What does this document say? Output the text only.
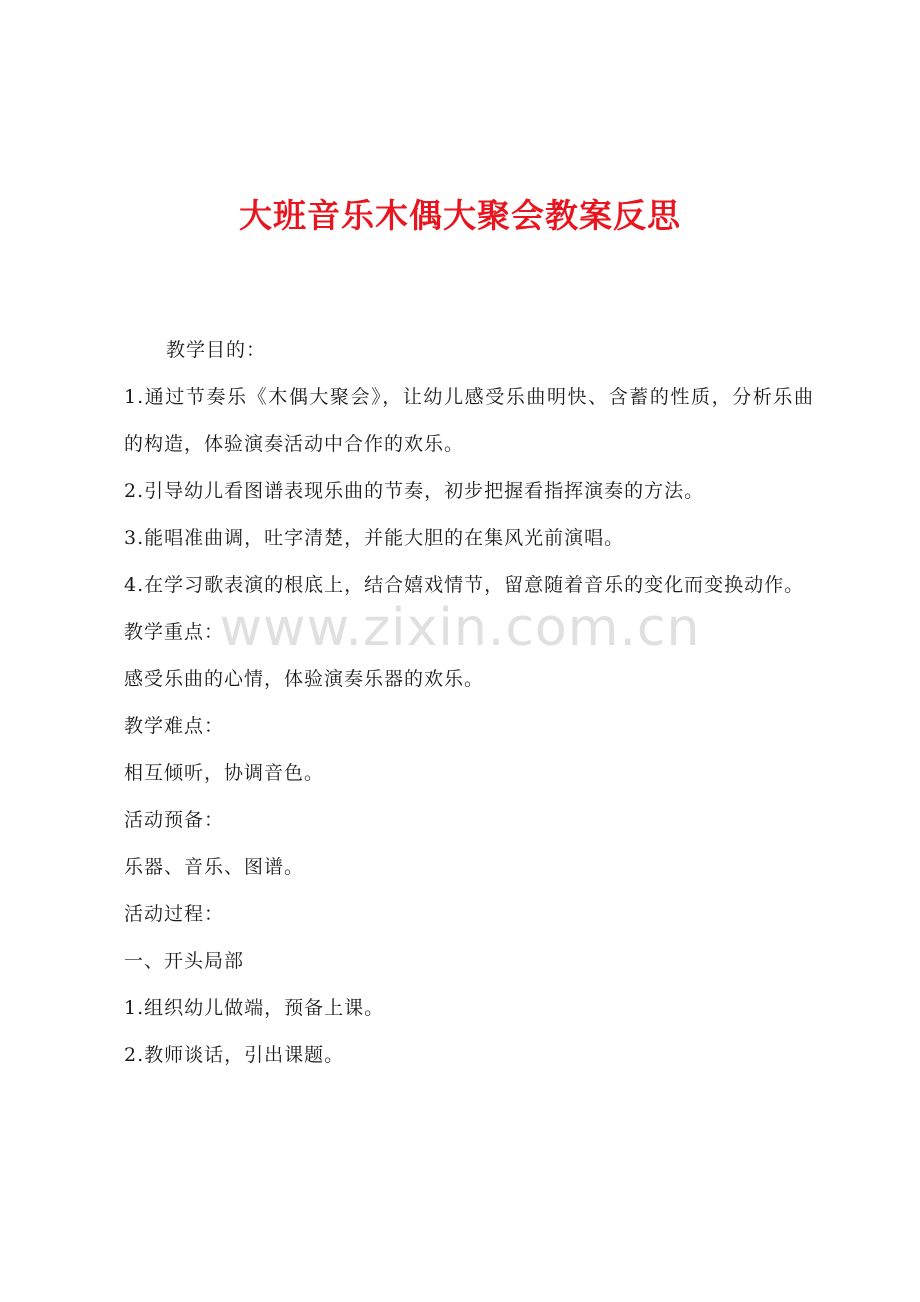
大班音乐木偶大聚会教案反思

教学目的：

1.通过节奏乐《木偶大聚会》，让幼儿感受乐曲明快、含蓄的性质，分析乐曲的构造，体验演奏活动中合作的欢乐。

2.引导幼儿看图谱表现乐曲的节奏，初步把握看指挥演奏的方法。

3.能唱准曲调，吐字清楚，并能大胆的在集风光前演唱。

4.在学习歌表演的根底上，结合嬉戏情节，留意随着音乐的变化而变换动作。

教学重点：

感受乐曲的心情，体验演奏乐器的欢乐。

教学难点：

相互倾听，协调音色。

活动预备：

乐器、音乐、图谱。

活动过程：

一、开头局部

1.组织幼儿做端，预备上课。

2.教师谈话，引出课题。

www.zixin.com.cn
